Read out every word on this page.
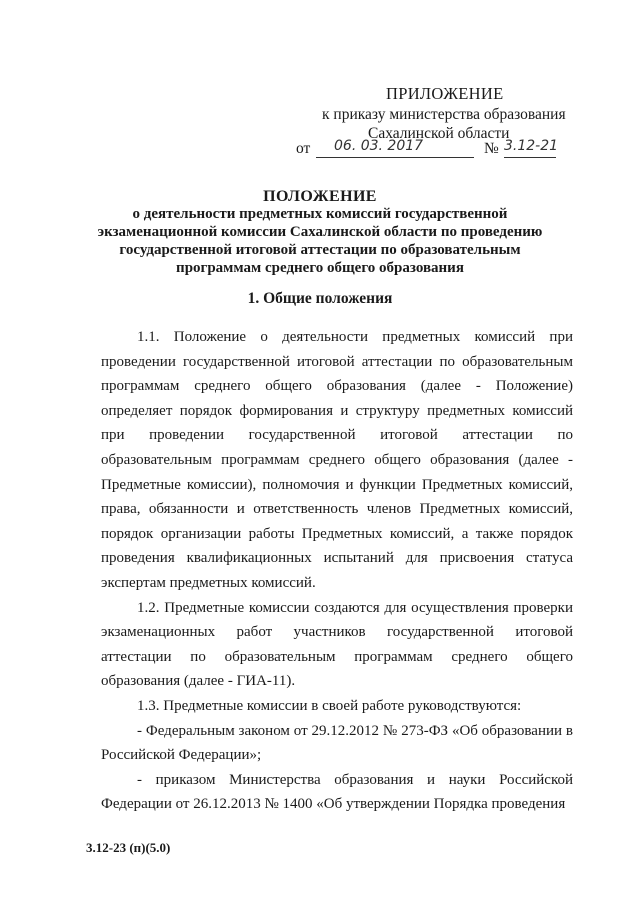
ПРИЛОЖЕНИЕ
к приказу министерства образования
Сахалинской области
от	06. 03. 2017	№ 3.12-21
ПОЛОЖЕНИЕ
о деятельности предметных комиссий государственной
экзаменационной комиссии Сахалинской области по проведению
государственной итоговой аттестации по образовательным
программам среднего общего образования
1. Общие положения

1.1. Положение о деятельности предметных комиссий при проведении государственной итоговой аттестации по образовательным программам среднего общего образования (далее - Положение) определяет порядок формирования и структуру предметных комиссий при проведении государственной итоговой аттестации по образовательным программам среднего общего образования (далее - Предметные комиссии), полномочия и функции Предметных комиссий, права, обязанности и ответственность членов Предметных комиссий, порядок организации работы Предметных комиссий, а также порядок проведения квалификационных испытаний для присвоения статуса экспертам предметных комиссий.

1.2. Предметные комиссии создаются для осуществления проверки экзаменационных работ участников государственной итоговой аттестации по образовательным программам среднего общего образования (далее - ГИА-11).

1.3. Предметные комиссии в своей работе руководствуются:

- Федеральным законом от 29.12.2012 № 273-ФЗ «Об образовании в Российской Федерации»;

- приказом Министерства образования и науки Российской Федерации от 26.12.2013 № 1400 «Об утверждении Порядка проведения

3.12-23 (п)(5.0)
